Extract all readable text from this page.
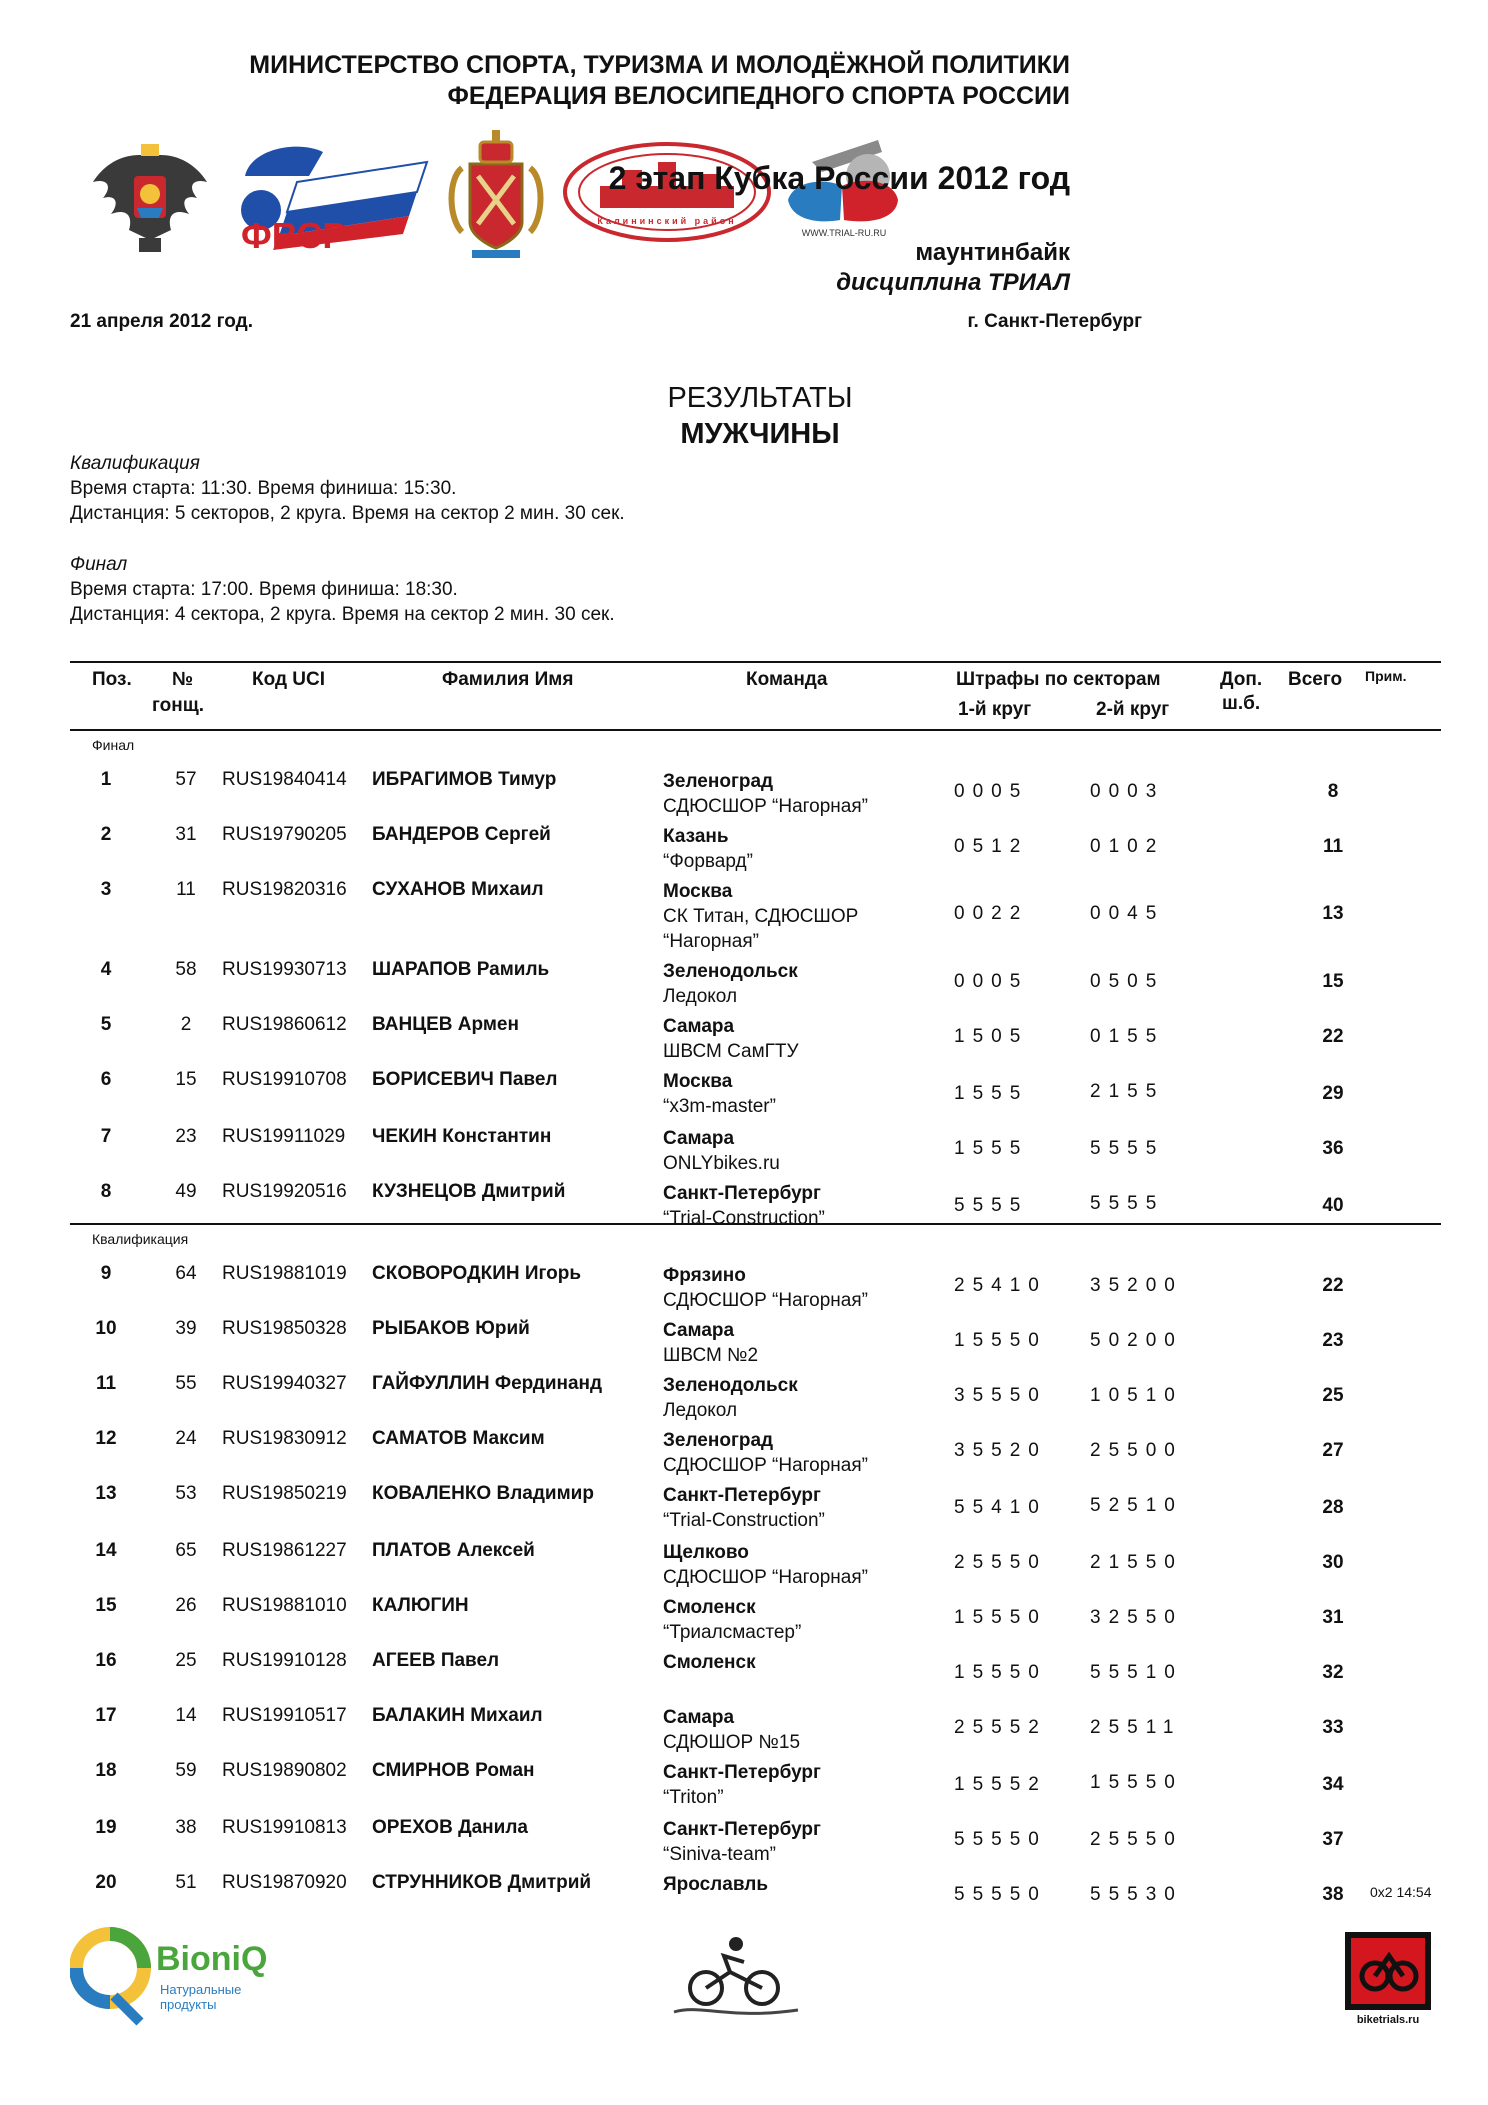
МИНИСТЕРСТВО СПОРТА, ТУРИЗМА И МОЛОДЁЖНОЙ ПОЛИТИКИ
ФЕДЕРАЦИЯ ВЕЛОСИПЕДНОГО СПОРТА РОССИИ
ФВСР	Калининский район
WWW.TRIAL-RU.RU
2 этап Кубка России 2012 год
маунтинбайк
дисциплина ТРИАЛ
21 апреля 2012 год.	г. Санкт-Петербург
РЕЗУЛЬТАТЫ
МУЖЧИНЫ
Квалификация
Время старта: 11:30. Время финиша: 15:30.
Дистанция: 5 секторов, 2 круга. Время на сектор 2 мин. 30 сек.
Финал
Время старта: 17:00. Время финиша: 18:30.
Дистанция: 4 сектора, 2 круга. Время на сектор 2 мин. 30 сек.
Поз. №
гонщ.
Код UCI	Фамилия Имя	Команда	Штрафы по секторам
1-й круг	2-й круг
Доп.
ш.б.
Всего Прим.
Финал
1	57	RUS19840414 ИБРАГИМОВ Тимур	Зеленоград
СДЮСШОР “Нагорная”
0005	0003	8
2	31	RUS19790205 БАНДЕРОВ Сергей	Казань
“Форвард”
0512	0102	11
3	11	RUS19820316 СУХАНОВ Михаил	Москва
СК Титан, СДЮСШОР
“Нагорная”
0022	0045	13
4	58	RUS19930713 ШАРАПОВ Рамиль	Зеленодольск
Ледокол
0005	0505	15
5	2	RUS19860612 ВАНЦЕВ Армен	Самара
ШВСМ СамГТУ
1505	0155	22
6	15	RUS19910708 БОРИСЕВИЧ Павел	Москва
“x3m-master”
1555	2155	29
7	23	RUS19911029 ЧЕКИН Константин	Самара
ONLYbikes.ru
1555	5555	36
8	49	RUS19920516 КУЗНЕЦОВ Дмитрий	Санкт-Петербург
“Trial-Construction”
5555	5555	40
Квалификация
9	64	RUS19881019 СКОВОРОДКИН Игорь	Фрязино
СДЮСШОР “Нагорная”
25410 35200	22
10	39	RUS19850328 РЫБАКОВ Юрий	Самара
ШВСМ №2
15550 50200	23
11	55	RUS19940327 ГАЙФУЛЛИН Фердинанд	Зеленодольск
Ледокол
35550 10510	25
12	24	RUS19830912 САМАТОВ Максим	Зеленоград
СДЮСШОР “Нагорная”
35520 25500	27
13	53	RUS19850219 КОВАЛЕНКО Владимир	Санкт-Петербург
“Trial-Construction”
55410 52510	28
14	65	RUS19861227 ПЛАТОВ Алексей	Щелково
СДЮСШОР “Нагорная”
25550 21550	30
15	26	RUS19881010 КАЛЮГИН	Смоленск
“Триалсмастер”
15550 32550	31
16	25	RUS19910128 АГЕЕВ Павел	Смоленск	15550 55510	32
17	14	RUS19910517 БАЛАКИН Михаил	Самара
СДЮШОР №15
25552 25511	33
18	59	RUS19890802 СМИРНОВ Роман	Санкт-Петербург
“Triton”
15552 15550	34
19	38	RUS19910813 ОРЕХОВ Данила	Санкт-Петербург
“Siniva-team”
55550 25550	37
20	51	RUS19870920 СТРУННИКОВ Дмитрий	Ярославль	55550 55530	38	0x2 14:54
BioniQ
Натуральные
продукты
biketrials.ru
